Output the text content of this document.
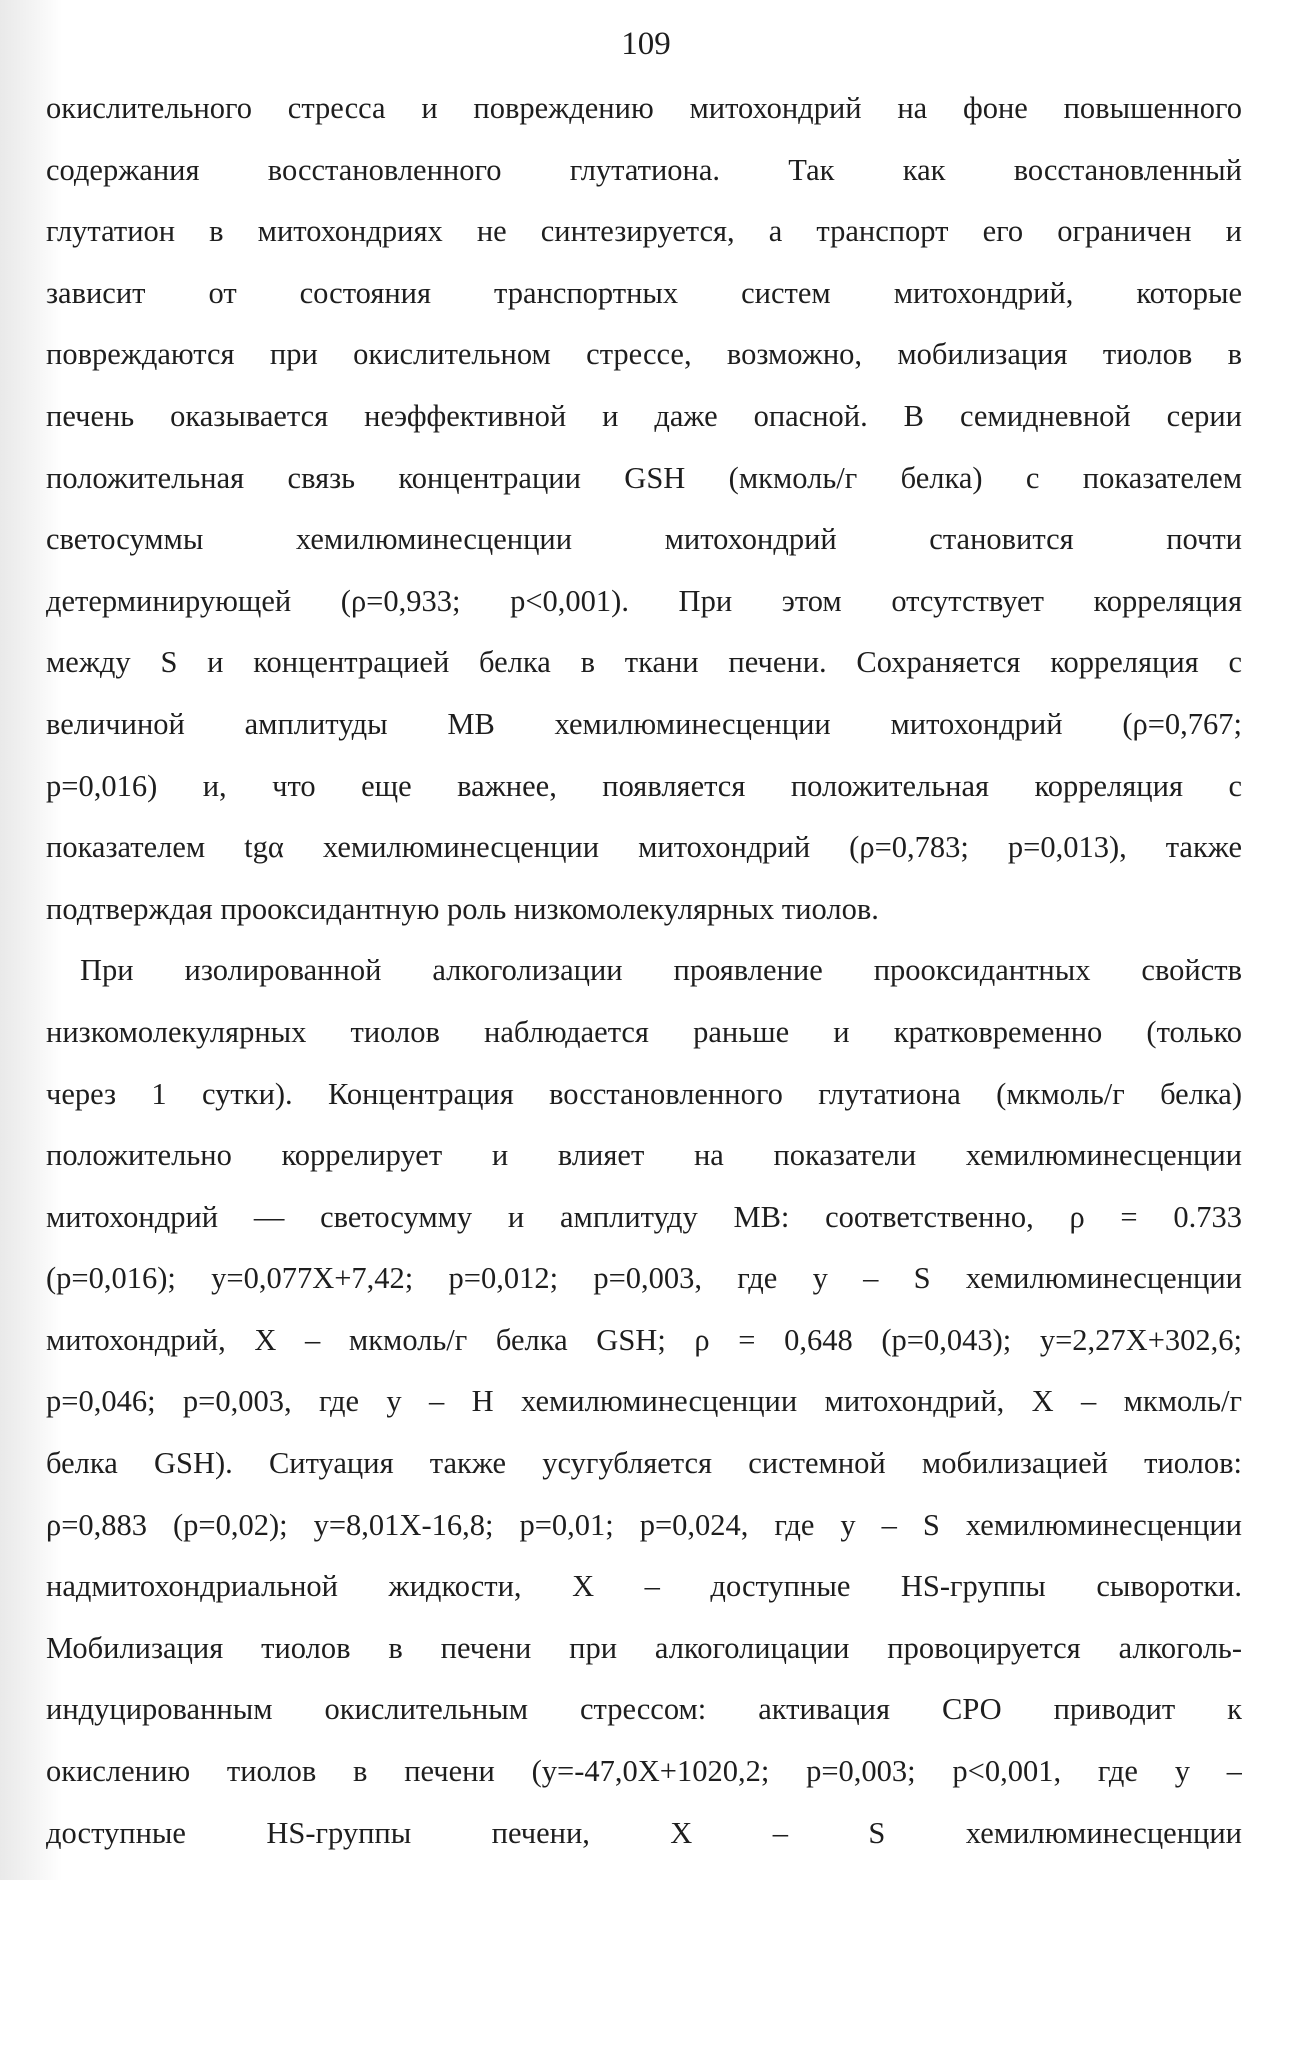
109

окислительного стресса и повреждению митохондрий на фоне повышенного
содержания восстановленного глутатиона. Так как восстановленный
глутатион в митохондриях не синтезируется, а транспорт его ограничен и
зависит от состояния транспортных систем митохондрий, которые
повреждаются при окислительном стрессе, возможно, мобилизация тиолов в
печень оказывается неэффективной и даже опасной. В семидневной серии
положительная связь концентрации GSH (мкмоль/г белка) с показателем
светосуммы хемилюминесценции митохондрий становится почти
детерминирующей (ρ=0,933; p<0,001). При этом отсутствует корреляция
между S и концентрацией белка в ткани печени. Сохраняется корреляция с
величиной амплитуды MB хемилюминесценции митохондрий (ρ=0,767;
p=0,016) и, что еще важнее, появляется положительная корреляция с
показателем tgα хемилюминесценции митохондрий (ρ=0,783; p=0,013), также
подтверждая прооксидантную роль низкомолекулярных тиолов.
При изолированной алкоголизации проявление прооксидантных свойств
низкомолекулярных тиолов наблюдается раньше и кратковременно (только
через 1 сутки). Концентрация восстановленного глутатиона (мкмоль/г белка)
положительно коррелирует и влияет на показатели хемилюминесценции
митохондрий — светосумму и амплитуду MB: соответственно, ρ = 0.733
(p=0,016); y=0,077X+7,42; p=0,012; p=0,003, где y – S хемилюминесценции
митохондрий, X – мкмоль/г белка GSH; ρ = 0,648 (p=0,043); y=2,27X+302,6;
p=0,046; p=0,003, где y – H хемилюминесценции митохондрий, X – мкмоль/г
белка GSH). Ситуация также усугубляется системной мобилизацией тиолов:
ρ=0,883 (p=0,02); y=8,01X-16,8; p=0,01; p=0,024, где y – S хемилюминесценции
надмитохондриальной жидкости, X – доступные HS-группы сыворотки.
Мобилизация тиолов в печени при алкоголицации провоцируется алкоголь-
индуцированным окислительным стрессом: активация СРО приводит к
окислению тиолов в печени (y=-47,0X+1020,2; p=0,003; p<0,001, где y –
доступные HS-группы печени, X – S хемилюминесценции
